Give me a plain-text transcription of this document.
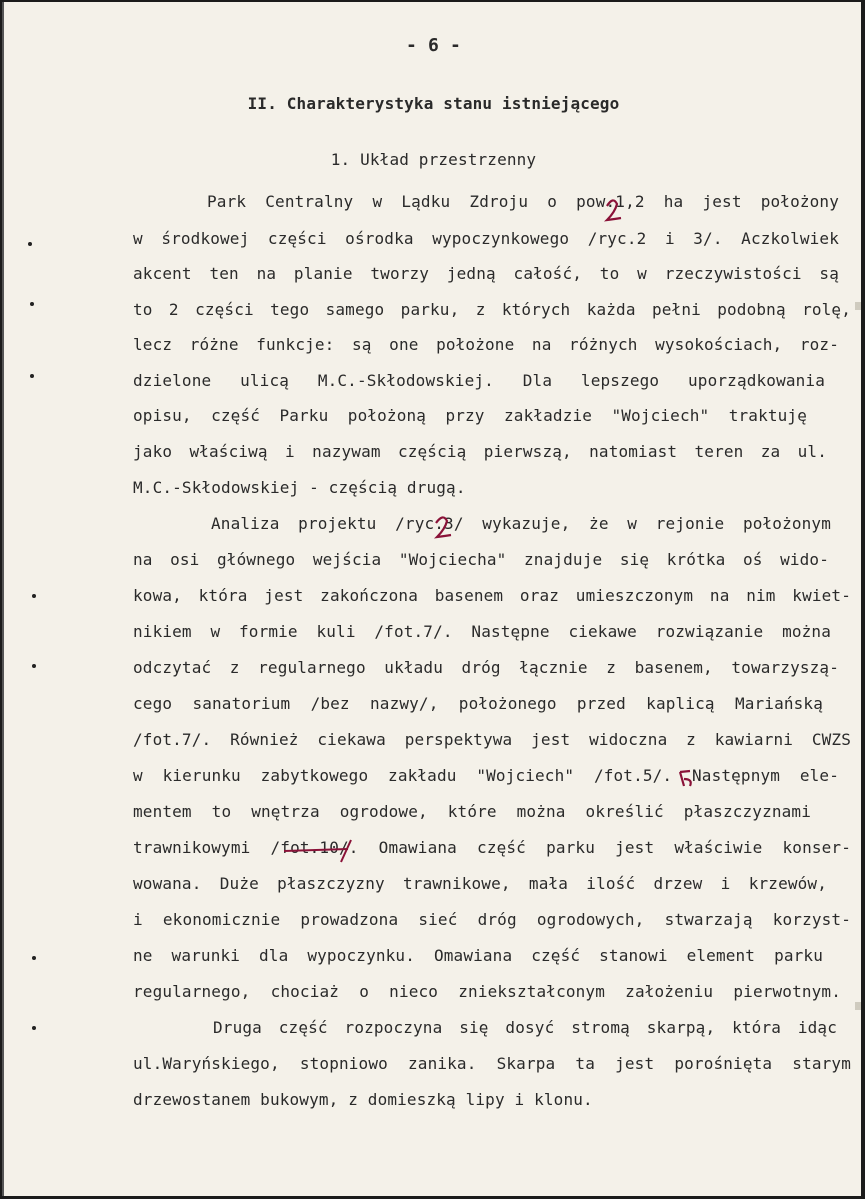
- 6 -
II. Charakterystyka stanu istniejącego
1. Układ przestrzenny
Park Centralny w Lądku Zdroju o pow.1,2 ha jest położony
w środkowej części ośrodka wypoczynkowego /ryc.2 i 3/. Aczkolwiek
akcent ten na planie tworzy jedną całość, to w rzeczywistości są
to 2 części tego samego parku, z których każda pełni podobną rolę,
lecz różne funkcje: są one położone na różnych wysokościach, roz-
dzielone ulicą M.C.-Skłodowskiej. Dla lepszego uporządkowania
opisu, część Parku położoną przy zakładzie "Wojciech" traktuję
jako właściwą i nazywam częścią pierwszą, natomiast teren za ul.
M.C.-Skłodowskiej - częścią drugą.
Analiza projektu /ryc.3/ wykazuje, że w rejonie położonym
na osi głównego wejścia "Wojciecha" znajduje się krótka oś wido-
kowa, która jest zakończona basenem oraz umieszczonym na nim kwiet-
nikiem w formie kuli /fot.7/. Następne ciekawe rozwiązanie można
odczytać z regularnego układu dróg łącznie z basenem, towarzyszą-
cego sanatorium /bez nazwy/, położonego przed kaplicą Mariańską
/fot.7/. Również ciekawa perspektywa jest widoczna z kawiarni CWZS
w kierunku zabytkowego zakładu "Wojciech" /fot.5/. Następnym ele-
mentem to wnętrza ogrodowe, które można określić płaszczyznami
trawnikowymi /fot.10/. Omawiana część parku jest właściwie konser-
wowana. Duże płaszczyzny trawnikowe, mała ilość drzew i krzewów,
i ekonomicznie prowadzona sieć dróg ogrodowych, stwarzają korzyst-
ne warunki dla wypoczynku. Omawiana część stanowi element parku
regularnego, chociaż o nieco zniekształconym założeniu pierwotnym.
Druga część rozpoczyna się dosyć stromą skarpą, która idąc
ul.Waryńskiego, stopniowo zanika. Skarpa ta jest porośnięta starym
drzewostanem bukowym, z domieszką lipy i klonu.
